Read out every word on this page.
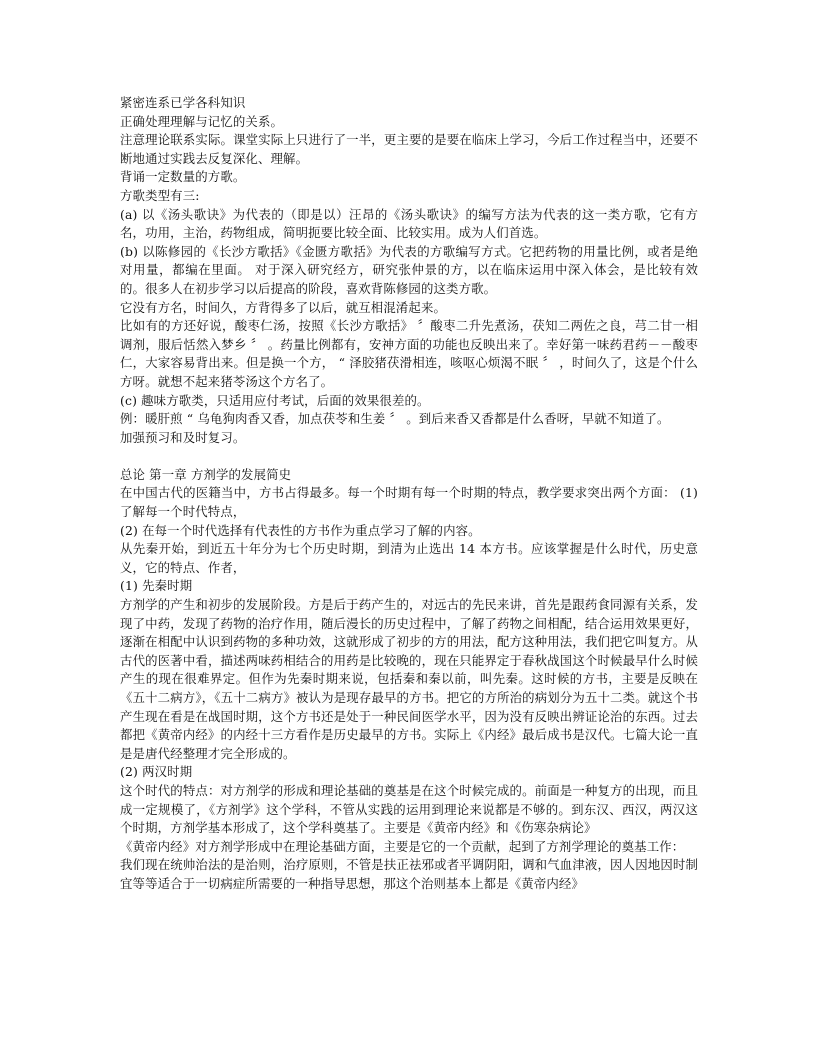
紧密连系已学各科知识

正确处理理解与记忆的关系。

注意理论联系实际。课堂实际上只进行了一半，更主要的是要在临床上学习，今后工作过程当中，还要不断地通过实践去反复深化、理解。

背诵一定数量的方歌。

方歌类型有三:

(a) 以《汤头歌诀》为代表的（即是以）汪昂的《汤头歌诀》的编写方法为代表的这一类方歌，它有方名，功用，主治，药物组成，简明扼要比较全面、比较实用。成为人们首选。

(b) 以陈修园的《长沙方歌括》《金匮方歌括》为代表的方歌编写方式。它把药物的用量比例，或者是绝对用量，都编在里面。 对于深入研究经方，研究张仲景的方，以在临床运用中深入体会，是比较有效的。很多人在初步学习以后提高的阶段，喜欢背陈修园的这类方歌。

它没有方名，时间久，方背得多了以后，就互相混淆起来。

比如有的方还好说，酸枣仁汤，按照《长沙方歌括》 〞酸枣二升先煮汤，茯知二两佐之良，芎二甘一相调剂，服后恬然入梦乡 〞 。药量比例都有，安神方面的功能也反映出来了。幸好第一味药君药－－酸枣仁，大家容易背出来。但是换一个方， “ 泽胶猪茯滑相连，咳呕心烦渴不眠 〞 ，时间久了，这是个什么方呀。就想不起来猪苓汤这个方名了。

(c) 趣味方歌类，只适用应付考试，后面的效果很差的。

例：暖肝煎 “ 乌龟狗肉香又香，加点茯苓和生姜 〞 。到后来香又香都是什么香呀，早就不知道了。

加强预习和及时复习。

总论 第一章 方剂学的发展简史

在中国古代的医籍当中，方书占得最多。每一个时期有每一个时期的特点，教学要求突出两个方面： (1) 了解每一个时代特点，

(2) 在每一个时代选择有代表性的方书作为重点学习了解的内容。

从先秦开始，到近五十年分为七个历史时期，到清为止选出 14 本方书。应该掌握是什么时代，历史意义，它的特点、作者，

(1) 先秦时期

方剂学的产生和初步的发展阶段。方是后于药产生的，对远古的先民来讲，首先是跟药食同源有关系，发现了中药，发现了药物的治疗作用，随后漫长的历史过程中，了解了药物之间相配，结合运用效果更好，逐渐在相配中认识到药物的多种功效，这就形成了初步的方的用法，配方这种用法，我们把它叫复方。从古代的医著中看，描述两味药相结合的用药是比较晚的，现在只能界定于春秋战国这个时候最早什么时候产生的现在很难界定。但作为先秦时期来说，包括秦和秦以前，叫先秦。这时候的方书，主要是反映在《五十二病方》，《五十二病方》被认为是现存最早的方书。把它的方所治的病划分为五十二类。就这个书产生现在看是在战国时期，这个方书还是处于一种民间医学水平，因为没有反映出辨证论治的东西。过去都把《黄帝内经》的内经十三方看作是历史最早的方书。实际上《内经》最后成书是汉代。七篇大论一直是是唐代经整理才完全形成的。

(2) 两汉时期

这个时代的特点：对方剂学的形成和理论基础的奠基是在这个时候完成的。前面是一种复方的出现，而且成一定规模了，《方剂学》这个学科，不管从实践的运用到理论来说都是不够的。到东汉、西汉，两汉这个时期，方剂学基本形成了，这个学科奠基了。主要是《黄帝内经》和《伤寒杂病论》

《黄帝内经》对方剂学形成中在理论基础方面，主要是它的一个贡献，起到了方剂学理论的奠基工作：

我们现在统帅治法的是治则，治疗原则，不管是扶正祛邪或者平调阴阳，调和气血津液，因人因地因时制宜等等适合于一切病症所需要的一种指导思想，那这个治则基本上都是《黄帝内经》
